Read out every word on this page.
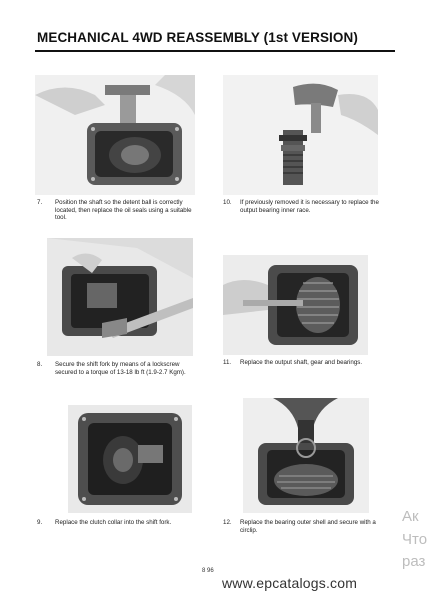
MECHANICAL 4WD REASSEMBLY (1st VERSION)
7. Position the shaft so the detent ball is correctly located, then replace the oil seals using a suitable tool.
10. If previously removed it is necessary to replace the output bearing inner race.
8. Secure the shift fork by means of a lockscrew secured to a torque of 13-18 lb ft (1.9-2.7 Kgm).
11. Replace the output shaft, gear and bearings.
9. Replace the clutch collar into the shift fork.	12. Replace the bearing outer shell and secure with a circlip.
8 96
www.epcatalogs.com
Ак
Что
раз
